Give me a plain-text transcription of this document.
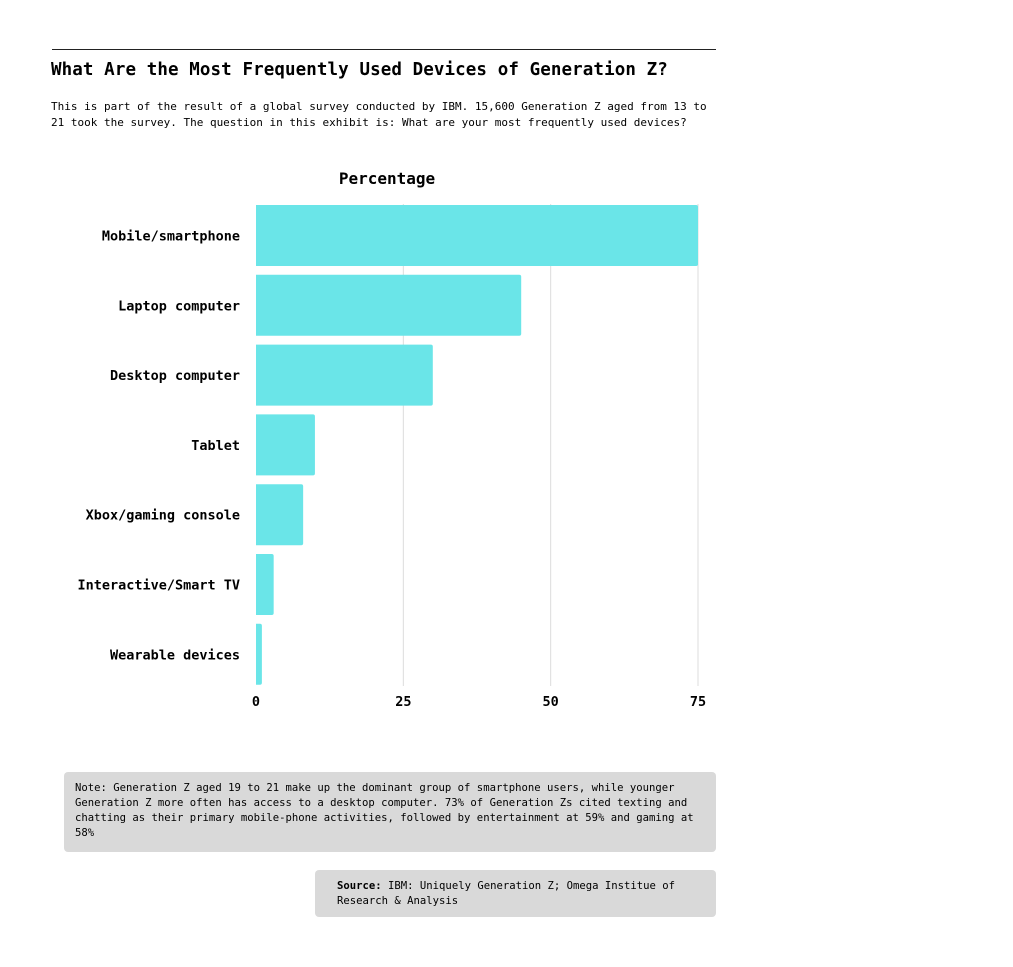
What Are the Most Frequently Used Devices of Generation Z?

This is part of the result of a global survey conducted by IBM. 15,600 Generation Z aged from 13 to 21 took the survey. The question in this exhibit is: What are your most frequently used devices?

Percentage
Mobile/smartphone
Laptop computer
Desktop computer
Tablet
Xbox/gaming console
Interactive/Smart TV
Wearable devices
0	25	50	75
Note: Generation Z aged 19 to 21 make up the dominant group of smartphone users, while younger Generation Z more often has access to a desktop computer. 73% of Generation Zs cited texting and chatting as their primary mobile-phone activities, followed by entertainment at 59% and gaming at 58%
Source: IBM: Uniquely Generation Z; Omega Institue of Research & Analysis
